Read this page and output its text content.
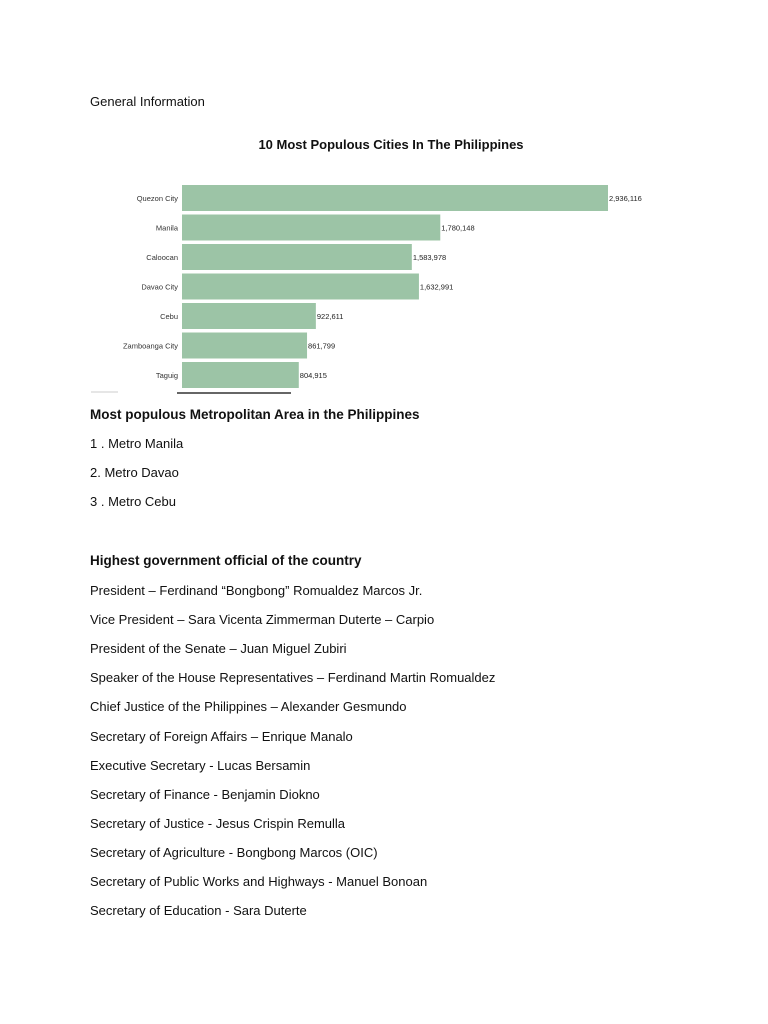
General Information
10 Most Populous Cities In The Philippines
Quezon City	2,936,116
Manila	1,780,148
Caloocan	1,583,978
Davao City	1,632,991
Cebu	922,611
Zamboanga City	861,799
Taguig	804,915
Most populous Metropolitan Area in the Philippines
1 . Metro Manila
2. Metro Davao
3 . Metro Cebu
Highest government official of the country
President – Ferdinand “Bongbong” Romualdez Marcos Jr.
Vice President – Sara Vicenta Zimmerman Duterte – Carpio
President of the Senate – Juan Miguel Zubiri
Speaker of the House Representatives – Ferdinand Martin Romualdez
Chief Justice of the Philippines – Alexander Gesmundo
Secretary of Foreign Affairs – Enrique Manalo
Executive Secretary - Lucas Bersamin
Secretary of Finance - Benjamin Diokno
Secretary of Justice - Jesus Crispin Remulla
Secretary of Agriculture - Bongbong Marcos (OIC)
Secretary of Public Works and Highways - Manuel Bonoan
Secretary of Education - Sara Duterte
